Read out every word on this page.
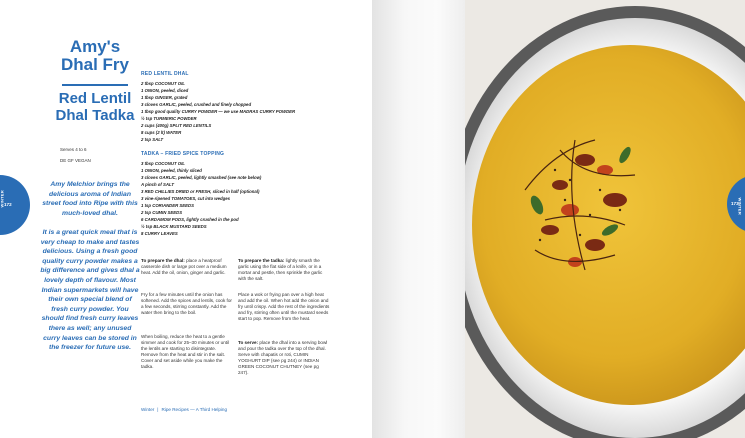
Amy's Dhal Fry
Red Lentil Dhal Tadka
Serves 4 to 6
DE GF VEGAN

Amy Melchior brings the delicious aroma of Indian street food into Ripe with this much-loved dhal.

It is a great quick meal that is very cheap to make and tastes delicious. Using a fresh good quality curry powder makes a big difference and gives dhal a lovely depth of flavour. Most Indian supermarkets will have their own special blend of fresh curry powder. You should find fresh curry leaves there as well; any unused curry leaves can be stored in the freezer for future use.

WINTER 172
RED LENTIL DHAL
2 tbsp COCONUT OIL
1 ONION, peeled, diced
1 tbsp GINGER, grated
3 cloves GARLIC, peeled, crushed and finely chopped
1 tbsp good quality CURRY POWDER — we use MADRAS CURRY POWDER
½ tsp TURMERIC POWDER
2 cups (400g) SPLIT RED LENTILS
8 cups (2 lt) WATER
2 tsp SALT
TADKA – FRIED SPICE TOPPING
3 tbsp COCONUT OIL
1 ONION, peeled, thinly sliced
3 cloves GARLIC, peeled, lightly smashed (see note below)
A pinch of SALT
3 RED CHILLIES DRIED or FRESH, sliced in half (optional)
3 vine-ripened TOMATOES, cut into wedges
1 tsp CORIANDER SEEDS
2 tsp CUMIN SEEDS
6 CARDAMOM PODS, lightly crushed in the pod
½ tsp BLACK MUSTARD SEEDS
8 CURRY LEAVES

To prepare the dhal: place a heatproof casserole dish or large pot over a medium heat. Add the oil, onion, ginger and garlic.

Fry for a few minutes until the onion has softened. Add the spices and lentils, cook for a few seconds, stirring constantly. Add the water then bring to the boil.

When boiling, reduce the heat to a gentle simmer and cook for 25–30 minutes or until the lentils are starting to disintegrate. Remove from the heat and stir in the salt. Cover and set aside while you make the tadka.

To prepare the tadka: lightly smash the garlic using the flat side of a knife, or in a mortar and pestle, then sprinkle the garlic with the salt.

Place a wok or frying pan over a high heat and add the oil. When hot add the onion and fry until crispy. Add the rest of the ingredients and fry, stirring often until the mustard seeds start to pop. Remove from the heat.

To serve: place the dhal into a serving bowl and pour the tadka over the top of the dhal. Serve with chapatis or roti, CUMIN YOGHURT DIP (see pg 244) or INDIAN GREEN COCONUT CHUTNEY (see pg 247).

Winter | Ripe Recipes — A Third Helping
173
WINTER
